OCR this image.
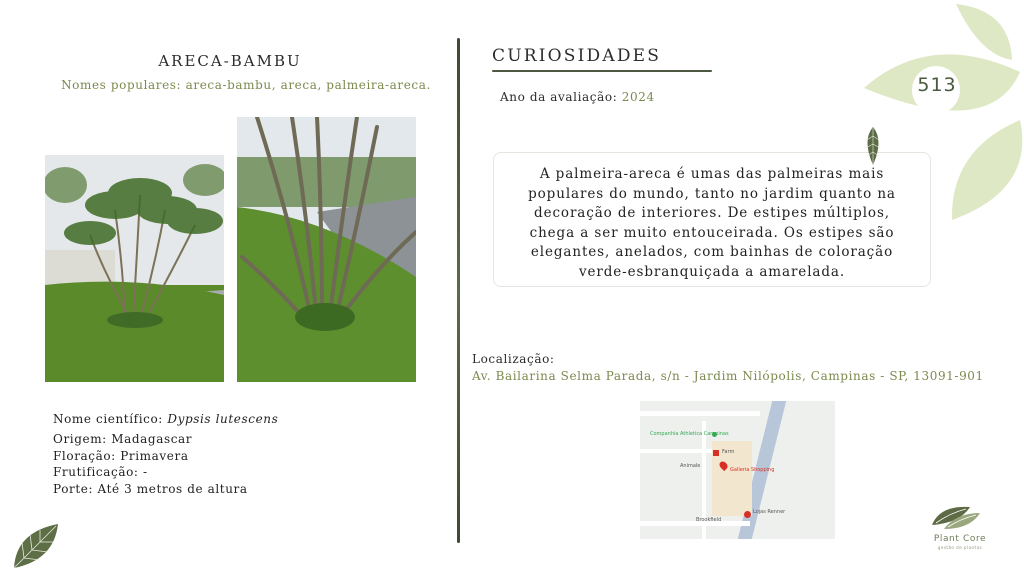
ARECA-BAMBU
Nomes populares: areca-bambu, areca, palmeira-areca.
Nome científico: Dypsis lutescens
Origem: Madagascar
Floração: Primavera
Frutificação: -
Porte: Até 3 metros de altura
CURIOSIDADES
Ano da avaliação: 2024
A palmeira-areca é umas das palmeiras mais populares do mundo, tanto no jardim quanto na decoração de interiores. De estipes múltiplos, chega a ser muito entouceirada. Os estipes são elegantes, anelados, com bainhas de coloração verde-esbranquiçada a amarelada.
Localização:
Av. Bailarina Selma Parada, s/n - Jardim Nilópolis, Campinas - SP, 13091-901
Galleria Shopping
Farm
Companhia Athletica Campinas
Animale
Lojas Renner
Brookfield
513
Plant Core
gestão de plantas
